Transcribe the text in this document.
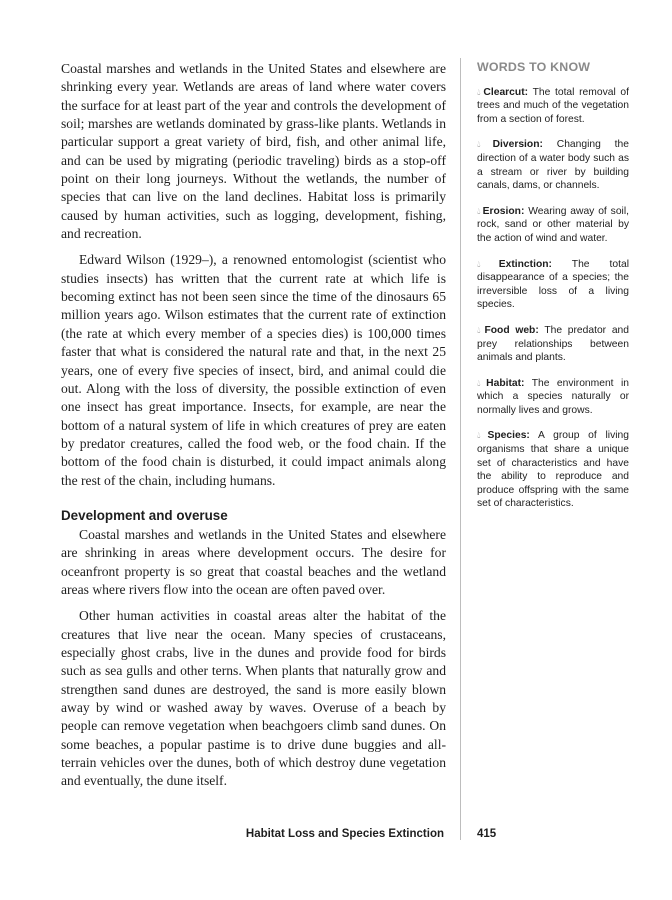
Coastal marshes and wetlands in the United States and elsewhere are shrinking every year. Wetlands are areas of land where water covers the surface for at least part of the year and controls the development of soil; marshes are wetlands dominated by grass-like plants. Wetlands in particular support a great variety of bird, fish, and other animal life, and can be used by migrating (periodic traveling) birds as a stop-off point on their long journeys. Without the wetlands, the number of species that can live on the land declines. Habitat loss is primarily caused by human activities, such as logging, development, fishing, and recreation.

Edward Wilson (1929–), a renowned entomologist (scientist who studies insects) has written that the current rate at which life is becoming extinct has not been seen since the time of the dinosaurs 65 million years ago. Wilson estimates that the current rate of extinction (the rate at which every member of a species dies) is 100,000 times faster that what is considered the natural rate and that, in the next 25 years, one of every five species of insect, bird, and animal could die out. Along with the loss of diversity, the possible extinction of even one insect has great importance. Insects, for example, are near the bottom of a natural system of life in which creatures of prey are eaten by predator creatures, called the food web, or the food chain. If the bottom of the food chain is disturbed, it could impact animals along the rest of the chain, including humans.

Development and overuse

Coastal marshes and wetlands in the United States and elsewhere are shrinking in areas where development occurs. The desire for oceanfront property is so great that coastal beaches and the wetland areas where rivers flow into the ocean are often paved over.

Other human activities in coastal areas alter the habitat of the creatures that live near the ocean. Many species of crustaceans, especially ghost crabs, live in the dunes and provide food for birds such as sea gulls and other terns. When plants that naturally grow and strengthen sand dunes are destroyed, the sand is more easily blown away by wind or washed away by waves. Overuse of a beach by people can remove vegetation when beachgoers climb sand dunes. On some beaches, a popular pastime is to drive dune buggies and all-terrain vehicles over the dunes, both of which destroy dune vegetation and eventually, the dune itself.

WORDS TO KNOW
💧︎Clearcut: The total removal of trees and much of the vegetation from a section of forest.
💧︎Diversion: Changing the direction of a water body such as a stream or river by building canals, dams, or channels.
💧︎Erosion: Wearing away of soil, rock, sand or other material by the action of wind and water.
💧︎Extinction: The total disappearance of a species; the irreversible loss of a living species.
💧︎Food web: The predator and prey relationships between animals and plants.
💧︎Habitat: The environment in which a species naturally or normally lives and grows.
💧︎Species: A group of living organisms that share a unique set of characteristics and have the ability to reproduce and produce offspring with the same set of characteristics.
Habitat Loss and Species Extinction	415
